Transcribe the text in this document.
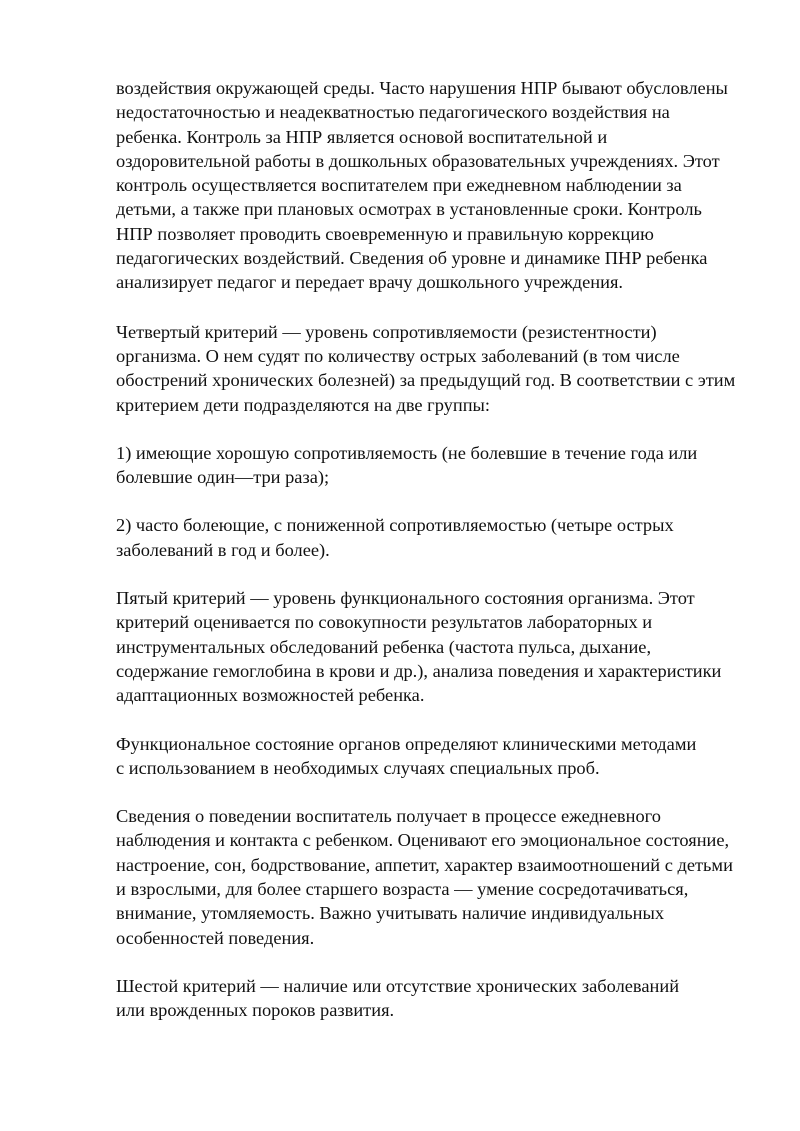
воздействия окружающей среды. Часто нарушения НПР бывают обусловлены
недостаточностью и неадекватностью педагогического воздействия на
ребенка. Контроль за НПР является основой воспитательной и
оздоровительной работы в дошкольных образовательных учреждениях. Этот
контроль осуществляется воспитателем при ежедневном наблюдении за
детьми, а также при плановых осмотрах в установленные сроки. Контроль
НПР позволяет проводить своевременную и правильную коррекцию
педагогических воздействий. Сведения об уровне и динамике ПНР ребенка
анализирует педагог и передает врачу дошкольного учреждения.

Четвертый критерий — уровень сопротивляемости (резистентности)
организма. О нем судят по количеству острых заболеваний (в том числе
обострений хронических болезней) за предыдущий год. В соответствии с этим
критерием дети подразделяются на две группы:

1) имеющие хорошую сопротивляемость (не болевшие в течение года или
болевшие один—три раза);

2) часто болеющие, с пониженной сопротивляемостью (четыре острых
заболеваний в год и более).

Пятый критерий — уровень функционального состояния организма. Этот
критерий оценивается по совокупности результатов лабораторных и
инструментальных обследований ребенка (частота пульса, дыхание,
содержание гемоглобина в крови и др.), анализа поведения и характеристики
адаптационных возможностей ребенка.

Функциональное состояние органов определяют клиническими методами
с использованием в необходимых случаях специальных проб.

Сведения о поведении воспитатель получает в процессе ежедневного
наблюдения и контакта с ребенком. Оценивают его эмоциональное состояние,
настроение, сон, бодрствование, аппетит, характер взаимоотношений с детьми
и взрослыми, для более старшего возраста — умение сосредотачиваться,
внимание, утомляемость. Важно учитывать наличие индивидуальных
особенностей поведения.

Шестой критерий — наличие или отсутствие хронических заболеваний
или врожденных пороков развития.
